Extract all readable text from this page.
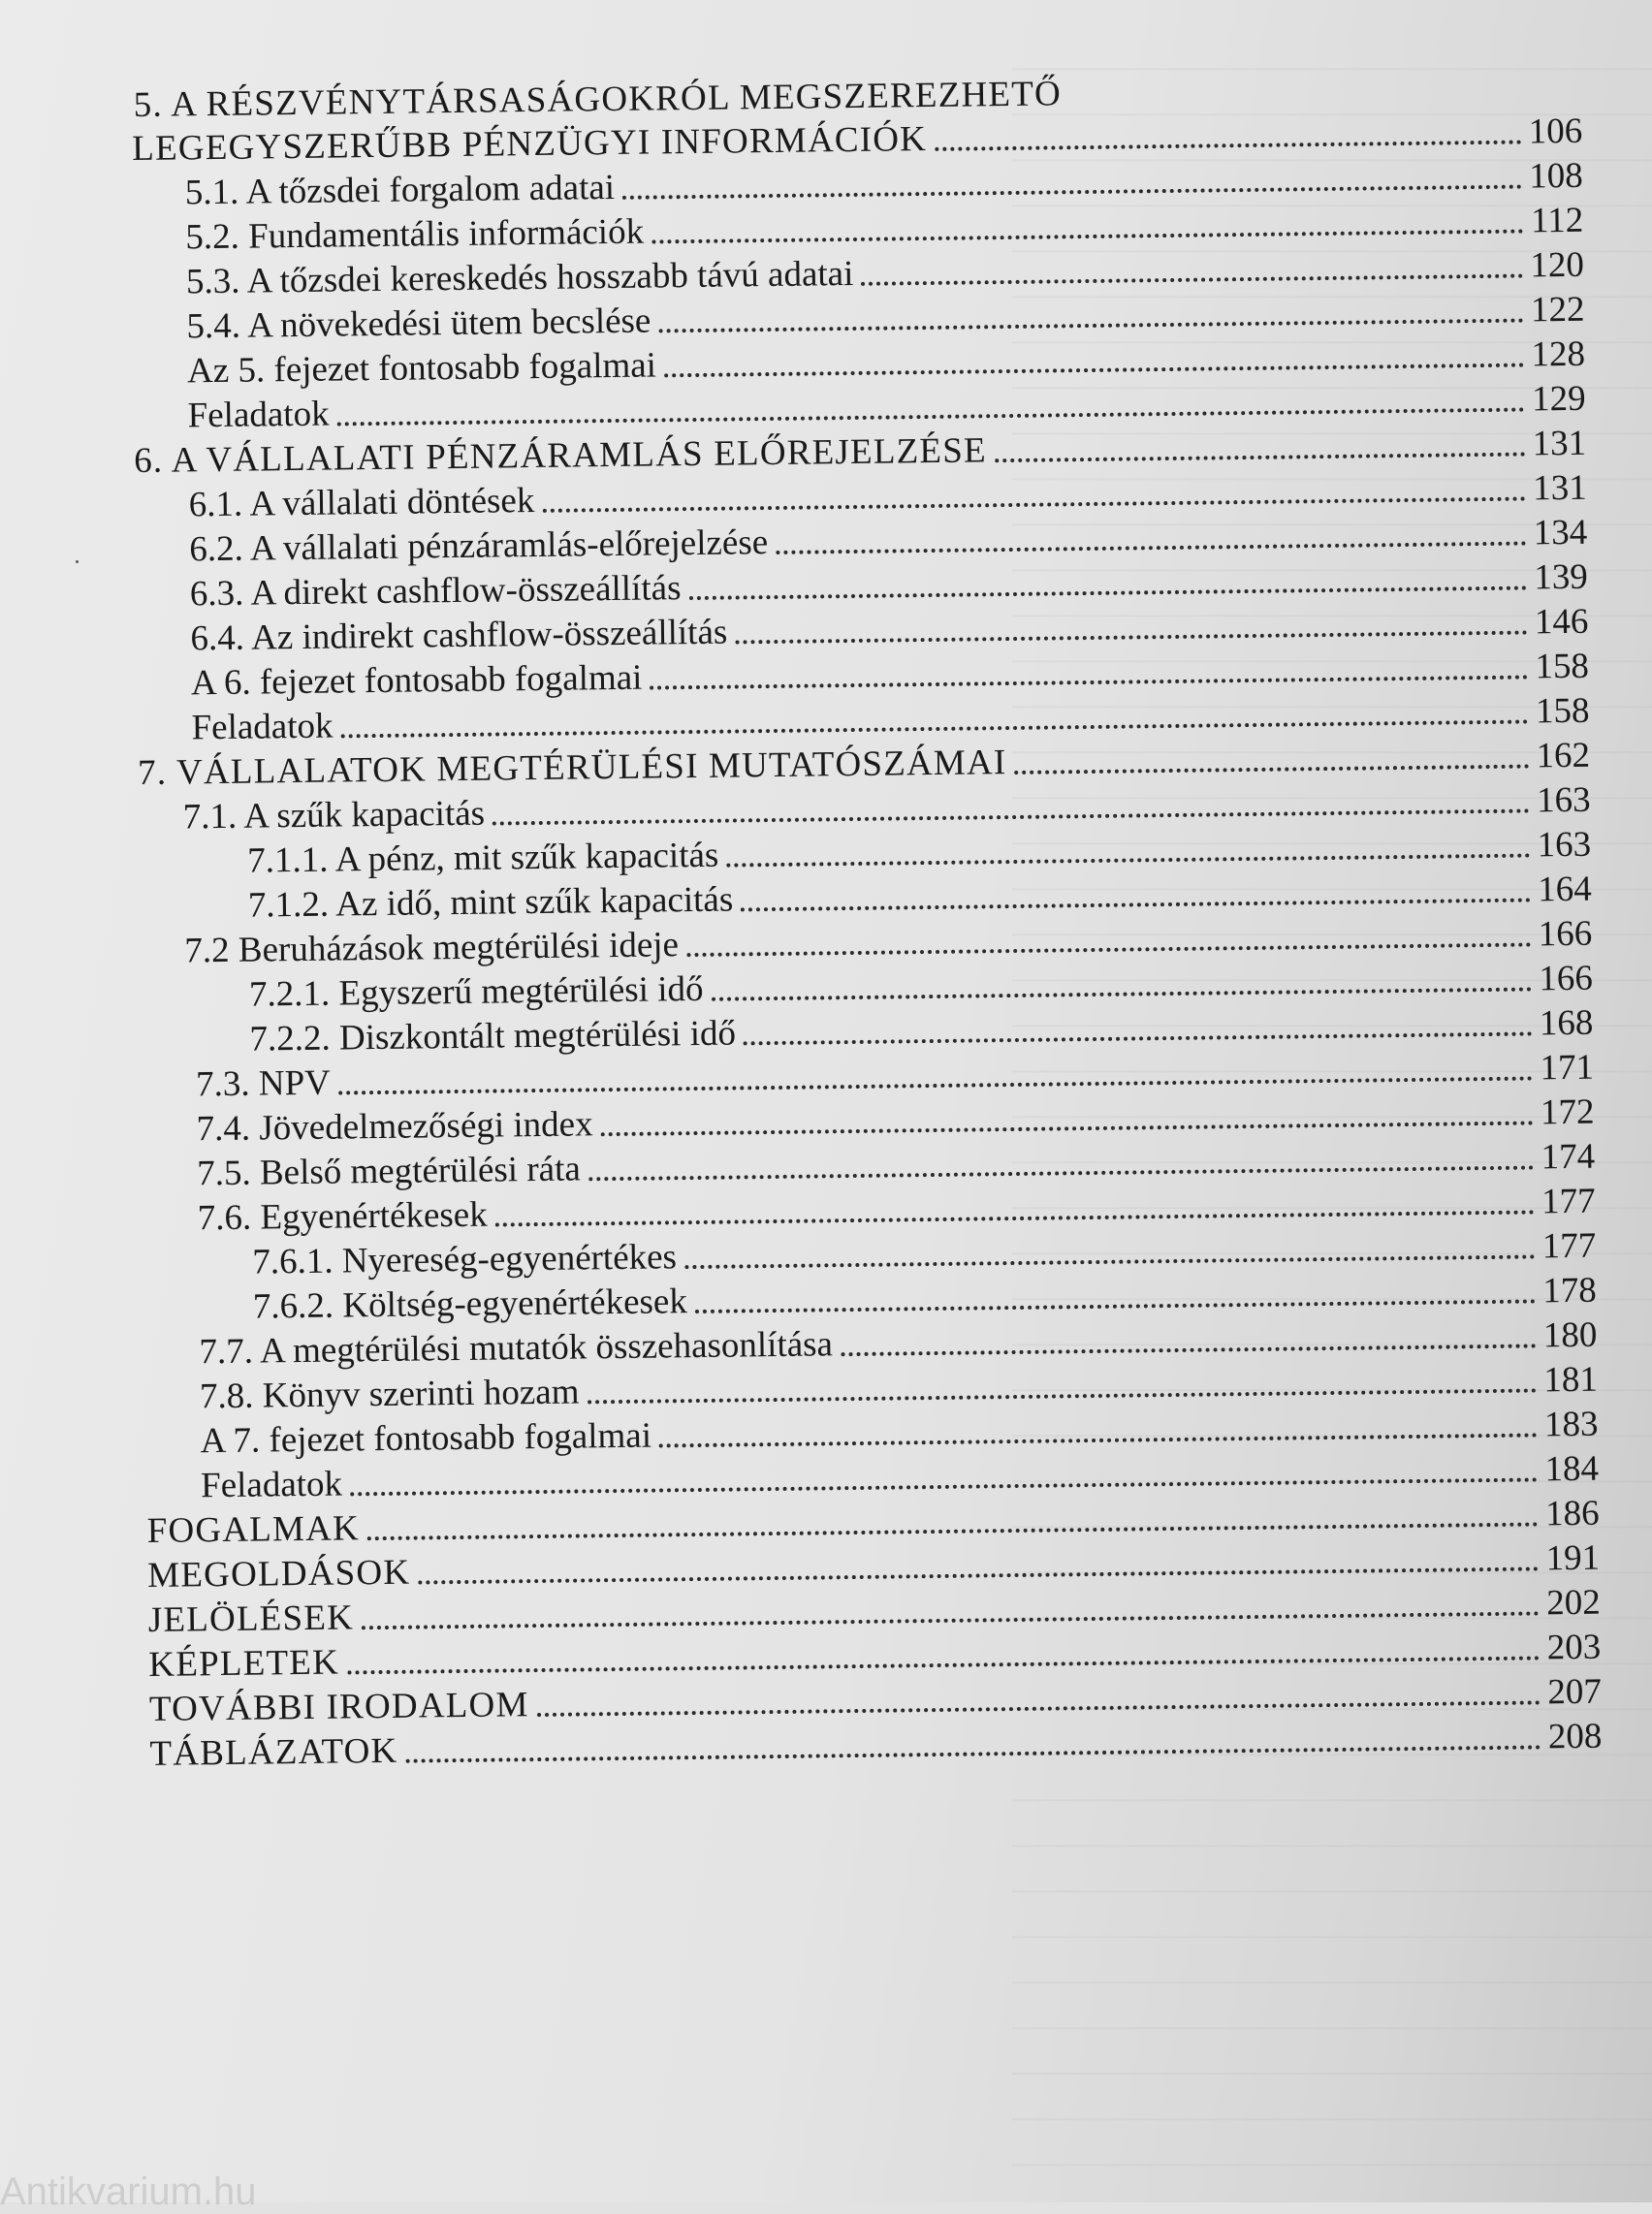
5. A RÉSZVÉNYTÁRSASÁGOKRÓL MEGSZEREZHETŐ
LEGEGYSZERŰBB PÉNZÜGYI INFORMÁCIÓK	106
5.1. A tőzsdei forgalom adatai	108
5.2. Fundamentális információk	112
5.3. A tőzsdei kereskedés hosszabb távú adatai	120
5.4. A növekedési ütem becslése	122
Az 5. fejezet fontosabb fogalmai	128
Feladatok	129
6. A VÁLLALATI PÉNZÁRAMLÁS ELŐREJELZÉSE	131
6.1. A vállalati döntések	131
6.2. A vállalati pénzáramlás-előrejelzése	134
6.3. A direkt cashflow-összeállítás	139
6.4. Az indirekt cashflow-összeállítás	146
A 6. fejezet fontosabb fogalmai	158
Feladatok	158
7. VÁLLALATOK MEGTÉRÜLÉSI MUTATÓSZÁMAI	162
7.1. A szűk kapacitás	163
7.1.1. A pénz, mit szűk kapacitás	163
7.1.2. Az idő, mint szűk kapacitás	164
7.2 Beruházások megtérülési ideje	166
7.2.1. Egyszerű megtérülési idő	166
7.2.2. Diszkontált megtérülési idő	168
7.3. NPV	171
7.4. Jövedelmezőségi index	172
7.5. Belső megtérülési ráta	174
7.6. Egyenértékesek	177
7.6.1. Nyereség-egyenértékes	177
7.6.2. Költség-egyenértékesek	178
7.7. A megtérülési mutatók összehasonlítása	180
7.8. Könyv szerinti hozam	181
A 7. fejezet fontosabb fogalmai	183
Feladatok	184
FOGALMAK	186
MEGOLDÁSOK	191
JELÖLÉSEK	202
KÉPLETEK	203
TOVÁBBI IRODALOM	207
TÁBLÁZATOK	208
Antikvarium.hu
